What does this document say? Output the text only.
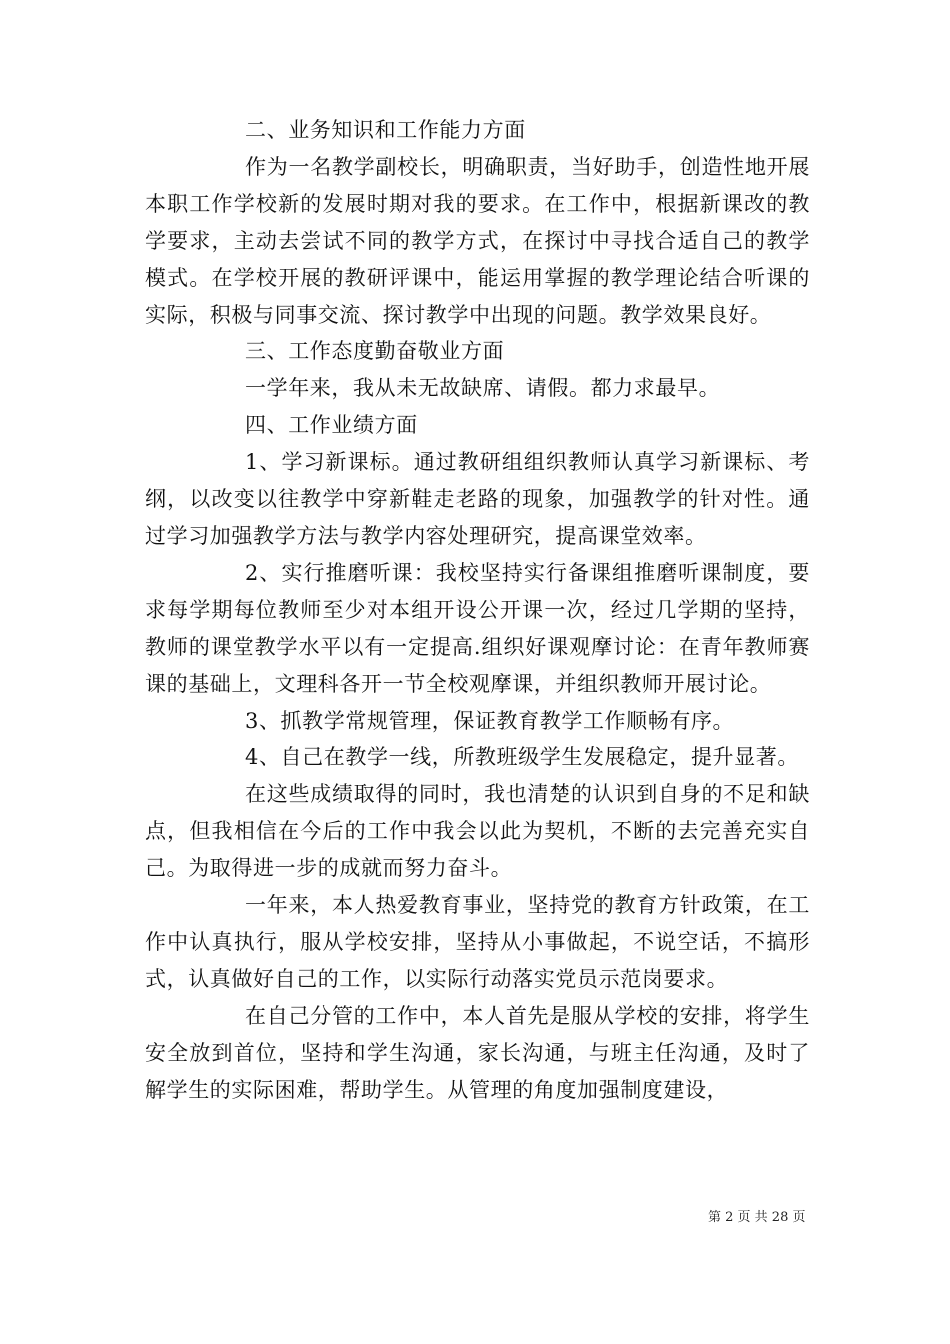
二、业务知识和工作能力方面

作为一名教学副校长，明确职责，当好助手，创造性地开展本职工作学校新的发展时期对我的要求。在工作中，根据新课改的教学要求，主动去尝试不同的教学方式，在探讨中寻找合适自己的教学模式。在学校开展的教研评课中，能运用掌握的教学理论结合听课的实际，积极与同事交流、探讨教学中出现的问题。教学效果良好。

三、工作态度勤奋敬业方面

一学年来，我从未无故缺席、请假。都力求最早。

四、工作业绩方面

1、学习新课标。通过教研组组织教师认真学习新课标、考纲，以改变以往教学中穿新鞋走老路的现象，加强教学的针对性。通过学习加强教学方法与教学内容处理研究，提高课堂效率。

2、实行推磨听课：我校坚持实行备课组推磨听课制度，要求每学期每位教师至少对本组开设公开课一次，经过几学期的坚持，教师的课堂教学水平以有一定提高.组织好课观摩讨论：在青年教师赛课的基础上，文理科各开一节全校观摩课，并组织教师开展讨论。

3、抓教学常规管理，保证教育教学工作顺畅有序。

4、自己在教学一线，所教班级学生发展稳定，提升显著。

在这些成绩取得的同时，我也清楚的认识到自身的不足和缺点，但我相信在今后的工作中我会以此为契机，不断的去完善充实自己。为取得进一步的成就而努力奋斗。

一年来，本人热爱教育事业，坚持党的教育方针政策，在工作中认真执行，服从学校安排，坚持从小事做起，不说空话，不搞形式，认真做好自己的工作，以实际行动落实党员示范岗要求。

在自己分管的工作中，本人首先是服从学校的安排，将学生安全放到首位，坚持和学生沟通，家长沟通，与班主任沟通，及时了解学生的实际困难，帮助学生。从管理的角度加强制度建设，

第 2 页 共 28 页
